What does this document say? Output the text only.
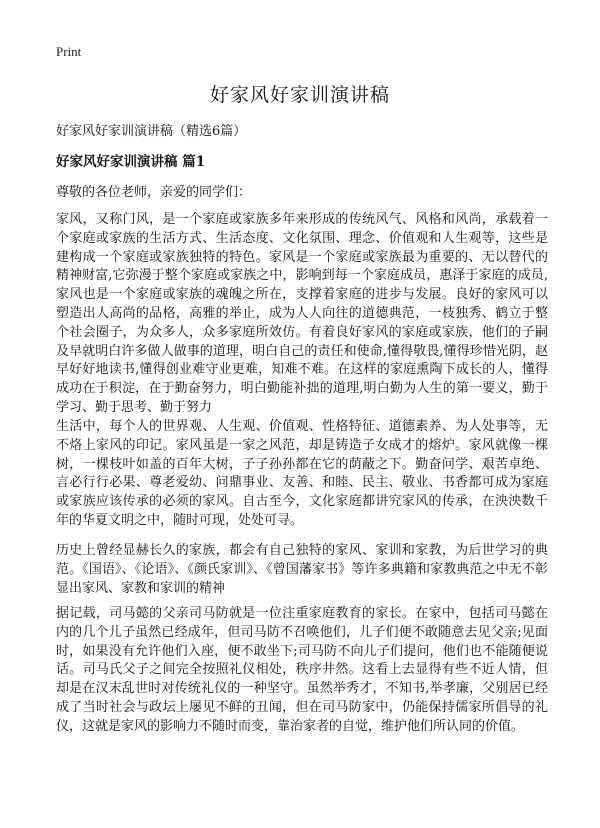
Print
好家风好家训演讲稿

好家风好家训演讲稿（精选6篇）

好家风好家训演讲稿 篇1

尊敬的各位老师，亲爱的同学们：

家风，又称门风，是一个家庭或家族多年来形成的传统风气、风格和风尚，承载着一个家庭或家族的生活方式、生活态度、文化氛围、理念、价值观和人生观等，这些是建构成一个家庭或家族独特的特色。家风是一个家庭或家族最为重要的、无以替代的精神财富,它弥漫于整个家庭或家族之中，影响到每一个家庭成员，惠泽于家庭的成员,家风也是一个家庭或家族的魂魄之所在，支撑着家庭的进步与发展。良好的家风可以塑造出人高尚的品格，高雅的举止，成为人人向往的道德典范，一枝独秀、鹤立于整个社会圈子，为众多人，众多家庭所效仿。有着良好家风的家庭或家族，他们的子嗣及早就明白许多做人做事的道理，明白自己的责任和使命,懂得敬畏,懂得珍惜光阴，赵早好好地读书,懂得创业难守业更难，知难不难。在这样的家庭熏陶下成长的人，懂得成功在于积淀，在于勤奋努力，明白勤能补拙的道理,明白勤为人生的第一要义，勤于学习、勤于思考、勤于努力

生活中，每个人的世界观、人生观、价值观、性格特征、道德素养、为人处事等，无不烙上家风的印记。家风虽是一家之风范，却是铸造子女成才的熔炉。家风就像一棵树，一棵枝叶如盖的百年大树，子子孙孙都在它的荫蔽之下。勤奋问学、艰苦卓绝、言必行行必果、尊老爱幼、问鼎事业、友善、和睦、民主、敬业、书香都可成为家庭或家族应该传承的必须的家风。自古至今，文化家庭都讲究家风的传承，在泱泱数千年的华夏文明之中，随时可现，处处可寻。

历史上曾经显赫长久的家族，都会有自己独特的家风、家训和家教，为后世学习的典范。《国语》、《论语》、《颜氏家训》、《曾国藩家书》等许多典籍和家教典范之中无不彰显出家风、家教和家训的精神

据记载，司马懿的父亲司马防就是一位注重家庭教育的家长。在家中，包括司马懿在内的几个儿子虽然已经成年，但司马防不召唤他们，儿子们便不敢随意去见父亲;见面时，如果没有允许他们入座，便不敢坐下;司马防不向儿子们提问，他们也不能随便说话。司马氏父子之间完全按照礼仪相处，秩序井然。这看上去显得有些不近人情，但却是在汉末乱世时对传统礼仪的一种坚守。虽然举秀才，不知书,举孝廉，父别居已经成了当时社会与政坛上屡见不鲜的丑闻，但在司马防家中，仍能保持儒家所倡导的礼仪，这就是家风的影响力不随时而变，靠治家者的自觉，维护他们所认同的价值。
